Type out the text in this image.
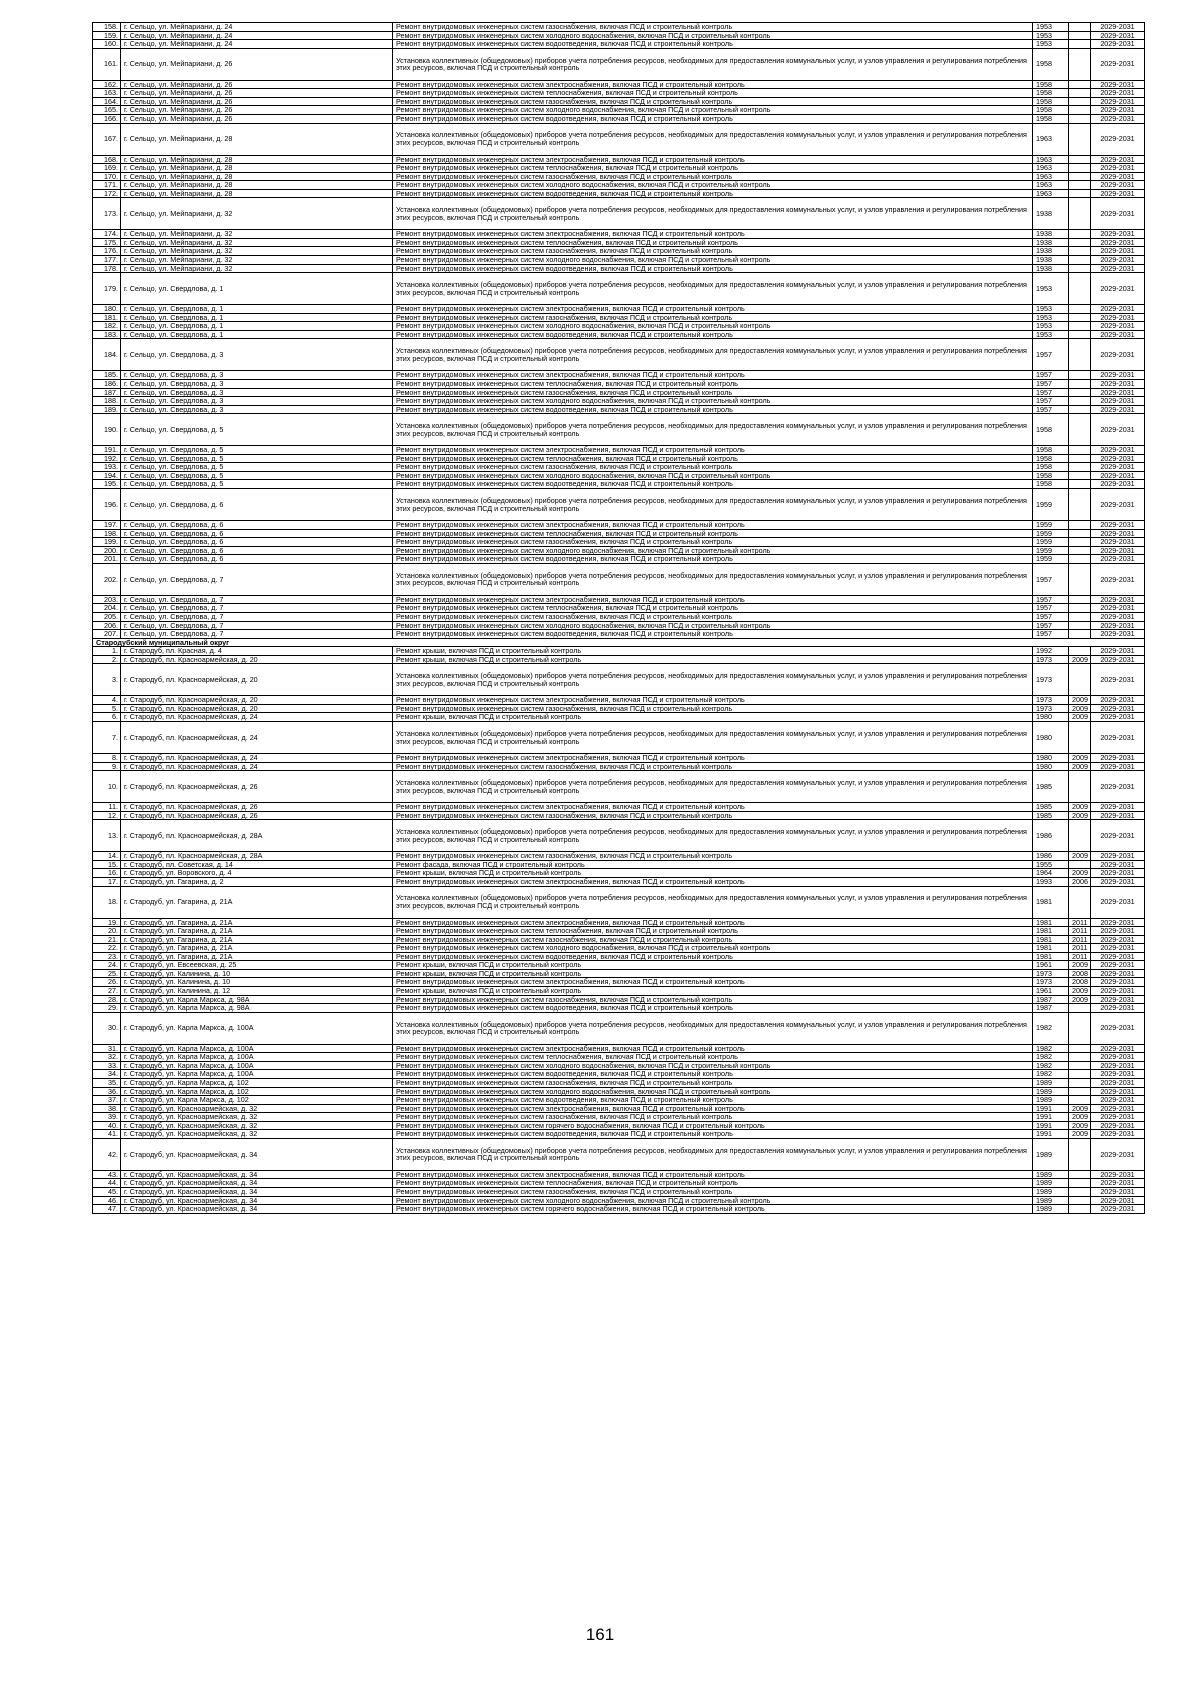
158.	г. Сельцо, ул. Мейпариани, д. 24	Ремонт внутридомовых инженерных систем газоснабжения, включая ПСД и строительный контроль	1953		2029-2031
159.	г. Сельцо, ул. Мейпариани, д. 24	Ремонт внутридомовых инженерных систем холодного водоснабжения, включая ПСД и строительный контроль	1953		2029-2031
160.	г. Сельцо, ул. Мейпариани, д. 24	Ремонт внутридомовых инженерных систем водоотведения, включая ПСД и строительный контроль	1953		2029-2031
161.	г. Сельцо, ул. Мейпариани, д. 26	Установка коллективных (общедомовых) приборов учета потребления ресурсов, необходимых для предоставления коммунальных услуг, и узлов управления и регулирования потребления этих ресурсов, включая ПСД и строительный контроль	1958		2029-2031
162.	г. Сельцо, ул. Мейпариани, д. 26	Ремонт внутридомовых инженерных систем электроснабжения, включая ПСД и строительный контроль	1958		2029-2031
163.	г. Сельцо, ул. Мейпариани, д. 26	Ремонт внутридомовых инженерных систем теплоснабжения, включая ПСД и строительный контроль	1958		2029-2031
164.	г. Сельцо, ул. Мейпариани, д. 26	Ремонт внутридомовых инженерных систем газоснабжения, включая ПСД и строительный контроль	1958		2029-2031
165.	г. Сельцо, ул. Мейпариани, д. 26	Ремонт внутридомовых инженерных систем холодного водоснабжения, включая ПСД и строительный контроль	1958		2029-2031
166.	г. Сельцо, ул. Мейпариани, д. 26	Ремонт внутридомовых инженерных систем водоотведения, включая ПСД и строительный контроль	1958		2029-2031
167.	г. Сельцо, ул. Мейпариани, д. 28	Установка коллективных (общедомовых) приборов учета потребления ресурсов, необходимых для предоставления коммунальных услуг, и узлов управления и регулирования потребления этих ресурсов, включая ПСД и строительный контроль	1963		2029-2031
168.	г. Сельцо, ул. Мейпариани, д. 28	Ремонт внутридомовых инженерных систем электроснабжения, включая ПСД и строительный контроль	1963		2029-2031
169.	г. Сельцо, ул. Мейпариани, д. 28	Ремонт внутридомовых инженерных систем теплоснабжения, включая ПСД и строительный контроль	1963		2029-2031
170.	г. Сельцо, ул. Мейпариани, д. 28	Ремонт внутридомовых инженерных систем газоснабжения, включая ПСД и строительный контроль	1963		2029-2031
171.	г. Сельцо, ул. Мейпариани, д. 28	Ремонт внутридомовых инженерных систем холодного водоснабжения, включая ПСД и строительный контроль	1963		2029-2031
172.	г. Сельцо, ул. Мейпариани, д. 28	Ремонт внутридомовых инженерных систем водоотведения, включая ПСД и строительный контроль	1963		2029-2031
173.	г. Сельцо, ул. Мейпариани, д. 32	Установка коллективных (общедомовых) приборов учета потребления ресурсов, необходимых для предоставления коммунальных услуг, и узлов управления и регулирования потребления этих ресурсов, включая ПСД и строительный контроль	1938		2029-2031
174.	г. Сельцо, ул. Мейпариани, д. 32	Ремонт внутридомовых инженерных систем электроснабжения, включая ПСД и строительный контроль	1938		2029-2031
175.	г. Сельцо, ул. Мейпариани, д. 32	Ремонт внутридомовых инженерных систем теплоснабжения, включая ПСД и строительный контроль	1938		2029-2031
176.	г. Сельцо, ул. Мейпариани, д. 32	Ремонт внутридомовых инженерных систем газоснабжения, включая ПСД и строительный контроль	1938		2029-2031
177.	г. Сельцо, ул. Мейпариани, д. 32	Ремонт внутридомовых инженерных систем холодного водоснабжения, включая ПСД и строительный контроль	1938		2029-2031
178.	г. Сельцо, ул. Мейпариани, д. 32	Ремонт внутридомовых инженерных систем водоотведения, включая ПСД и строительный контроль	1938		2029-2031
179.	г. Сельцо, ул. Свердлова, д. 1	Установка коллективных (общедомовых) приборов учета потребления ресурсов, необходимых для предоставления коммунальных услуг, и узлов управления и регулирования потребления этих ресурсов, включая ПСД и строительный контроль	1953		2029-2031
180.	г. Сельцо, ул. Свердлова, д. 1	Ремонт внутридомовых инженерных систем электроснабжения, включая ПСД и строительный контроль	1953		2029-2031
181.	г. Сельцо, ул. Свердлова, д. 1	Ремонт внутридомовых инженерных систем газоснабжения, включая ПСД и строительный контроль	1953		2029-2031
182.	г. Сельцо, ул. Свердлова, д. 1	Ремонт внутридомовых инженерных систем холодного водоснабжения, включая ПСД и строительный контроль	1953		2029-2031
183.	г. Сельцо, ул. Свердлова, д. 1	Ремонт внутридомовых инженерных систем водоотведения, включая ПСД и строительный контроль	1953		2029-2031
184.	г. Сельцо, ул. Свердлова, д. 3	Установка коллективных (общедомовых) приборов учета потребления ресурсов, необходимых для предоставления коммунальных услуг, и узлов управления и регулирования потребления этих ресурсов, включая ПСД и строительный контроль	1957		2029-2031
185.	г. Сельцо, ул. Свердлова, д. 3	Ремонт внутридомовых инженерных систем электроснабжения, включая ПСД и строительный контроль	1957		2029-2031
186.	г. Сельцо, ул. Свердлова, д. 3	Ремонт внутридомовых инженерных систем теплоснабжения, включая ПСД и строительный контроль	1957		2029-2031
187.	г. Сельцо, ул. Свердлова, д. 3	Ремонт внутридомовых инженерных систем газоснабжения, включая ПСД и строительный контроль	1957		2029-2031
188.	г. Сельцо, ул. Свердлова, д. 3	Ремонт внутридомовых инженерных систем холодного водоснабжения, включая ПСД и строительный контроль	1957		2029-2031
189.	г. Сельцо, ул. Свердлова, д. 3	Ремонт внутридомовых инженерных систем водоотведения, включая ПСД и строительный контроль	1957		2029-2031
190.	г. Сельцо, ул. Свердлова, д. 5	Установка коллективных (общедомовых) приборов учета потребления ресурсов, необходимых для предоставления коммунальных услуг, и узлов управления и регулирования потребления этих ресурсов, включая ПСД и строительный контроль	1958		2029-2031
191.	г. Сельцо, ул. Свердлова, д. 5	Ремонт внутридомовых инженерных систем электроснабжения, включая ПСД и строительный контроль	1958		2029-2031
192.	г. Сельцо, ул. Свердлова, д. 5	Ремонт внутридомовых инженерных систем теплоснабжения, включая ПСД и строительный контроль	1958		2029-2031
193.	г. Сельцо, ул. Свердлова, д. 5	Ремонт внутридомовых инженерных систем газоснабжения, включая ПСД и строительный контроль	1958		2029-2031
194.	г. Сельцо, ул. Свердлова, д. 5	Ремонт внутридомовых инженерных систем холодного водоснабжения, включая ПСД и строительный контроль	1958		2029-2031
195.	г. Сельцо, ул. Свердлова, д. 5	Ремонт внутридомовых инженерных систем водоотведения, включая ПСД и строительный контроль	1958		2029-2031
196.	г. Сельцо, ул. Свердлова, д. 6	Установка коллективных (общедомовых) приборов учета потребления ресурсов, необходимых для предоставления коммунальных услуг, и узлов управления и регулирования потребления этих ресурсов, включая ПСД и строительный контроль	1959		2029-2031
197.	г. Сельцо, ул. Свердлова, д. 6	Ремонт внутридомовых инженерных систем электроснабжения, включая ПСД и строительный контроль	1959		2029-2031
198.	г. Сельцо, ул. Свердлова, д. 6	Ремонт внутридомовых инженерных систем теплоснабжения, включая ПСД и строительный контроль	1959		2029-2031
199.	г. Сельцо, ул. Свердлова, д. 6	Ремонт внутридомовых инженерных систем газоснабжения, включая ПСД и строительный контроль	1959		2029-2031
200.	г. Сельцо, ул. Свердлова, д. 6	Ремонт внутридомовых инженерных систем холодного водоснабжения, включая ПСД и строительный контроль	1959		2029-2031
201.	г. Сельцо, ул. Свердлова, д. 6	Ремонт внутридомовых инженерных систем водоотведения, включая ПСД и строительный контроль	1959		2029-2031
202.	г. Сельцо, ул. Свердлова, д. 7	Установка коллективных (общедомовых) приборов учета потребления ресурсов, необходимых для предоставления коммунальных услуг, и узлов управления и регулирования потребления этих ресурсов, включая ПСД и строительный контроль	1957		2029-2031
203.	г. Сельцо, ул. Свердлова, д. 7	Ремонт внутридомовых инженерных систем электроснабжения, включая ПСД и строительный контроль	1957		2029-2031
204.	г. Сельцо, ул. Свердлова, д. 7	Ремонт внутридомовых инженерных систем теплоснабжения, включая ПСД и строительный контроль	1957		2029-2031
205.	г. Сельцо, ул. Свердлова, д. 7	Ремонт внутридомовых инженерных систем газоснабжения, включая ПСД и строительный контроль	1957		2029-2031
206.	г. Сельцо, ул. Свердлова, д. 7	Ремонт внутридомовых инженерных систем холодного водоснабжения, включая ПСД и строительный контроль	1957		2029-2031
207.	г. Сельцо, ул. Свердлова, д. 7	Ремонт внутридомовых инженерных систем водоотведения, включая ПСД и строительный контроль	1957		2029-2031
Стародубский муниципальный округ					
1.	г. Стародуб, пл. Красная, д. 4	Ремонт крыши, включая ПСД и строительный контроль	1992		2029-2031
2.	г. Стародуб, пл. Красноармейская, д. 20	Ремонт крыши, включая ПСД и строительный контроль	1973	2009	2029-2031
3.	г. Стародуб, пл. Красноармейская, д. 20	Установка коллективных (общедомовых) приборов учета потребления ресурсов, необходимых для предоставления коммунальных услуг, и узлов управления и регулирования потребления этих ресурсов, включая ПСД и строительный контроль	1973		2029-2031
4.	г. Стародуб, пл. Красноармейская, д. 20	Ремонт внутридомовых инженерных систем электроснабжения, включая ПСД и строительный контроль	1973	2009	2029-2031
5.	г. Стародуб, пл. Красноармейская, д. 20	Ремонт внутридомовых инженерных систем газоснабжения, включая ПСД и строительный контроль	1973	2009	2029-2031
6.	г. Стародуб, пл. Красноармейская, д. 24	Ремонт крыши, включая ПСД и строительный контроль	1980	2009	2029-2031
7.	г. Стародуб, пл. Красноармейская, д. 24	Установка коллективных (общедомовых) приборов учета потребления ресурсов, необходимых для предоставления коммунальных услуг, и узлов управления и регулирования потребления этих ресурсов, включая ПСД и строительный контроль	1980		2029-2031
8.	г. Стародуб, пл. Красноармейская, д. 24	Ремонт внутридомовых инженерных систем электроснабжения, включая ПСД и строительный контроль	1980	2009	2029-2031
9.	г. Стародуб, пл. Красноармейская, д. 24	Ремонт внутридомовых инженерных систем газоснабжения, включая ПСД и строительный контроль	1980	2009	2029-2031
10.	г. Стародуб, пл. Красноармейская, д. 26	Установка коллективных (общедомовых) приборов учета потребления ресурсов, необходимых для предоставления коммунальных услуг, и узлов управления и регулирования потребления этих ресурсов, включая ПСД и строительный контроль	1985		2029-2031
11.	г. Стародуб, пл. Красноармейская, д. 26	Ремонт внутридомовых инженерных систем электроснабжения, включая ПСД и строительный контроль	1985	2009	2029-2031
12.	г. Стародуб, пл. Красноармейская, д. 26	Ремонт внутридомовых инженерных систем газоснабжения, включая ПСД и строительный контроль	1985	2009	2029-2031
13.	г. Стародуб, пл. Красноармейская, д. 28А	Установка коллективных (общедомовых) приборов учета потребления ресурсов, необходимых для предоставления коммунальных услуг, и узлов управления и регулирования потребления этих ресурсов, включая ПСД и строительный контроль	1986		2029-2031
14.	г. Стародуб, пл. Красноармейская, д. 28А	Ремонт внутридомовых инженерных систем газоснабжения, включая ПСД и строительный контроль	1986	2009	2029-2031
15.	г. Стародуб, пл. Советская, д. 14	Ремонт фасада, включая ПСД и строительный контроль	1955		2029-2031
16.	г. Стародуб, ул. Воровского, д. 4	Ремонт крыши, включая ПСД и строительный контроль	1964	2009	2029-2031
17.	г. Стародуб, ул. Гагарина, д. 2	Ремонт внутридомовых инженерных систем электроснабжения, включая ПСД и строительный контроль	1993	2006	2029-2031
18.	г. Стародуб, ул. Гагарина, д. 21А	Установка коллективных (общедомовых) приборов учета потребления ресурсов, необходимых для предоставления коммунальных услуг, и узлов управления и регулирования потребления этих ресурсов, включая ПСД и строительный контроль	1981		2029-2031
19.	г. Стародуб, ул. Гагарина, д. 21А	Ремонт внутридомовых инженерных систем электроснабжения, включая ПСД и строительный контроль	1981	2011	2029-2031
20.	г. Стародуб, ул. Гагарина, д. 21А	Ремонт внутридомовых инженерных систем теплоснабжения, включая ПСД и строительный контроль	1981	2011	2029-2031
21.	г. Стародуб, ул. Гагарина, д. 21А	Ремонт внутридомовых инженерных систем газоснабжения, включая ПСД и строительный контроль	1981	2011	2029-2031
22.	г. Стародуб, ул. Гагарина, д. 21А	Ремонт внутридомовых инженерных систем холодного водоснабжения, включая ПСД и строительный контроль	1981	2011	2029-2031
23.	г. Стародуб, ул. Гагарина, д. 21А	Ремонт внутридомовых инженерных систем водоотведения, включая ПСД и строительный контроль	1981	2011	2029-2031
24.	г. Стародуб, ул. Евсеевская, д. 25	Ремонт крыши, включая ПСД и строительный контроль	1961	2009	2029-2031
25.	г. Стародуб, ул. Калинина, д. 10	Ремонт крыши, включая ПСД и строительный контроль	1973	2008	2029-2031
26.	г. Стародуб, ул. Калинина, д. 10	Ремонт внутридомовых инженерных систем электроснабжения, включая ПСД и строительный контроль	1973	2008	2029-2031
27.	г. Стародуб, ул. Калинина, д. 12	Ремонт крыши, включая ПСД и строительный контроль	1961	2009	2029-2031
28.	г. Стародуб, ул. Карла Маркса, д. 98А	Ремонт внутридомовых инженерных систем газоснабжения, включая ПСД и строительный контроль	1987	2009	2029-2031
29.	г. Стародуб, ул. Карла Маркса, д. 98А	Ремонт внутридомовых инженерных систем водоотведения, включая ПСД и строительный контроль	1987		2029-2031
30.	г. Стародуб, ул. Карла Маркса, д. 100А	Установка коллективных (общедомовых) приборов учета потребления ресурсов, необходимых для предоставления коммунальных услуг, и узлов управления и регулирования потребления этих ресурсов, включая ПСД и строительный контроль	1982		2029-2031
31.	г. Стародуб, ул. Карла Маркса, д. 100А	Ремонт внутридомовых инженерных систем электроснабжения, включая ПСД и строительный контроль	1982		2029-2031
32.	г. Стародуб, ул. Карла Маркса, д. 100А	Ремонт внутридомовых инженерных систем теплоснабжения, включая ПСД и строительный контроль	1982		2029-2031
33.	г. Стародуб, ул. Карла Маркса, д. 100А	Ремонт внутридомовых инженерных систем холодного водоснабжения, включая ПСД и строительный контроль	1982		2029-2031
34.	г. Стародуб, ул. Карла Маркса, д. 100А	Ремонт внутридомовых инженерных систем водоотведения, включая ПСД и строительный контроль	1982		2029-2031
35.	г. Стародуб, ул. Карла Маркса, д. 102	Ремонт внутридомовых инженерных систем газоснабжения, включая ПСД и строительный контроль	1989		2029-2031
36.	г. Стародуб, ул. Карла Маркса, д. 102	Ремонт внутридомовых инженерных систем холодного водоснабжения, включая ПСД и строительный контроль	1989		2029-2031
37.	г. Стародуб, ул. Карла Маркса, д. 102	Ремонт внутридомовых инженерных систем водоотведения, включая ПСД и строительный контроль	1989		2029-2031
38.	г. Стародуб, ул. Красноармейская, д. 32	Ремонт внутридомовых инженерных систем электроснабжения, включая ПСД и строительный контроль	1991	2009	2029-2031
39.	г. Стародуб, ул. Красноармейская, д. 32	Ремонт внутридомовых инженерных систем газоснабжения, включая ПСД и строительный контроль	1991	2009	2029-2031
40.	г. Стародуб, ул. Красноармейская, д. 32	Ремонт внутридомовых инженерных систем горячего водоснабжения, включая ПСД и строительный контроль	1991	2009	2029-2031
41.	г. Стародуб, ул. Красноармейская, д. 32	Ремонт внутридомовых инженерных систем водоотведения, включая ПСД и строительный контроль	1991	2009	2029-2031
42.	г. Стародуб, ул. Красноармейская, д. 34	Установка коллективных (общедомовых) приборов учета потребления ресурсов, необходимых для предоставления коммунальных услуг, и узлов управления и регулирования потребления этих ресурсов, включая ПСД и строительный контроль	1989		2029-2031
43.	г. Стародуб, ул. Красноармейская, д. 34	Ремонт внутридомовых инженерных систем электроснабжения, включая ПСД и строительный контроль	1989		2029-2031
44.	г. Стародуб, ул. Красноармейская, д. 34	Ремонт внутридомовых инженерных систем теплоснабжения, включая ПСД и строительный контроль	1989		2029-2031
45.	г. Стародуб, ул. Красноармейская, д. 34	Ремонт внутридомовых инженерных систем газоснабжения, включая ПСД и строительный контроль	1989		2029-2031
46.	г. Стародуб, ул. Красноармейская, д. 34	Ремонт внутридомовых инженерных систем холодного водоснабжения, включая ПСД и строительный контроль	1989		2029-2031
47.	г. Стародуб, ул. Красноармейская, д. 34	Ремонт внутридомовых инженерных систем горячего водоснабжения, включая ПСД и строительный контроль	1989		2029-2031
161
